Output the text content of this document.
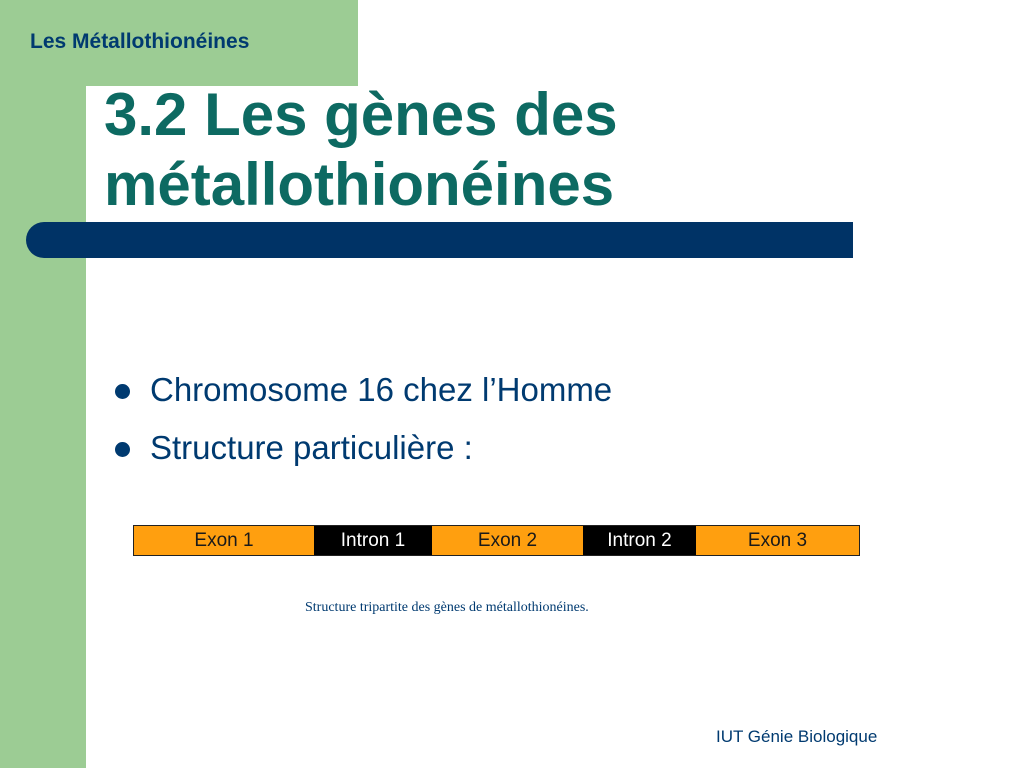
Les Métallothionéines

3.2 Les gènes des
métallothionéines
Chromosome 16 chez l’Homme
Structure particulière :
Exon 1	Intron 1	Exon 2	Intron 2	Exon 3

Structure tripartite des gènes de métallothionéines.

IUT Génie Biologique
